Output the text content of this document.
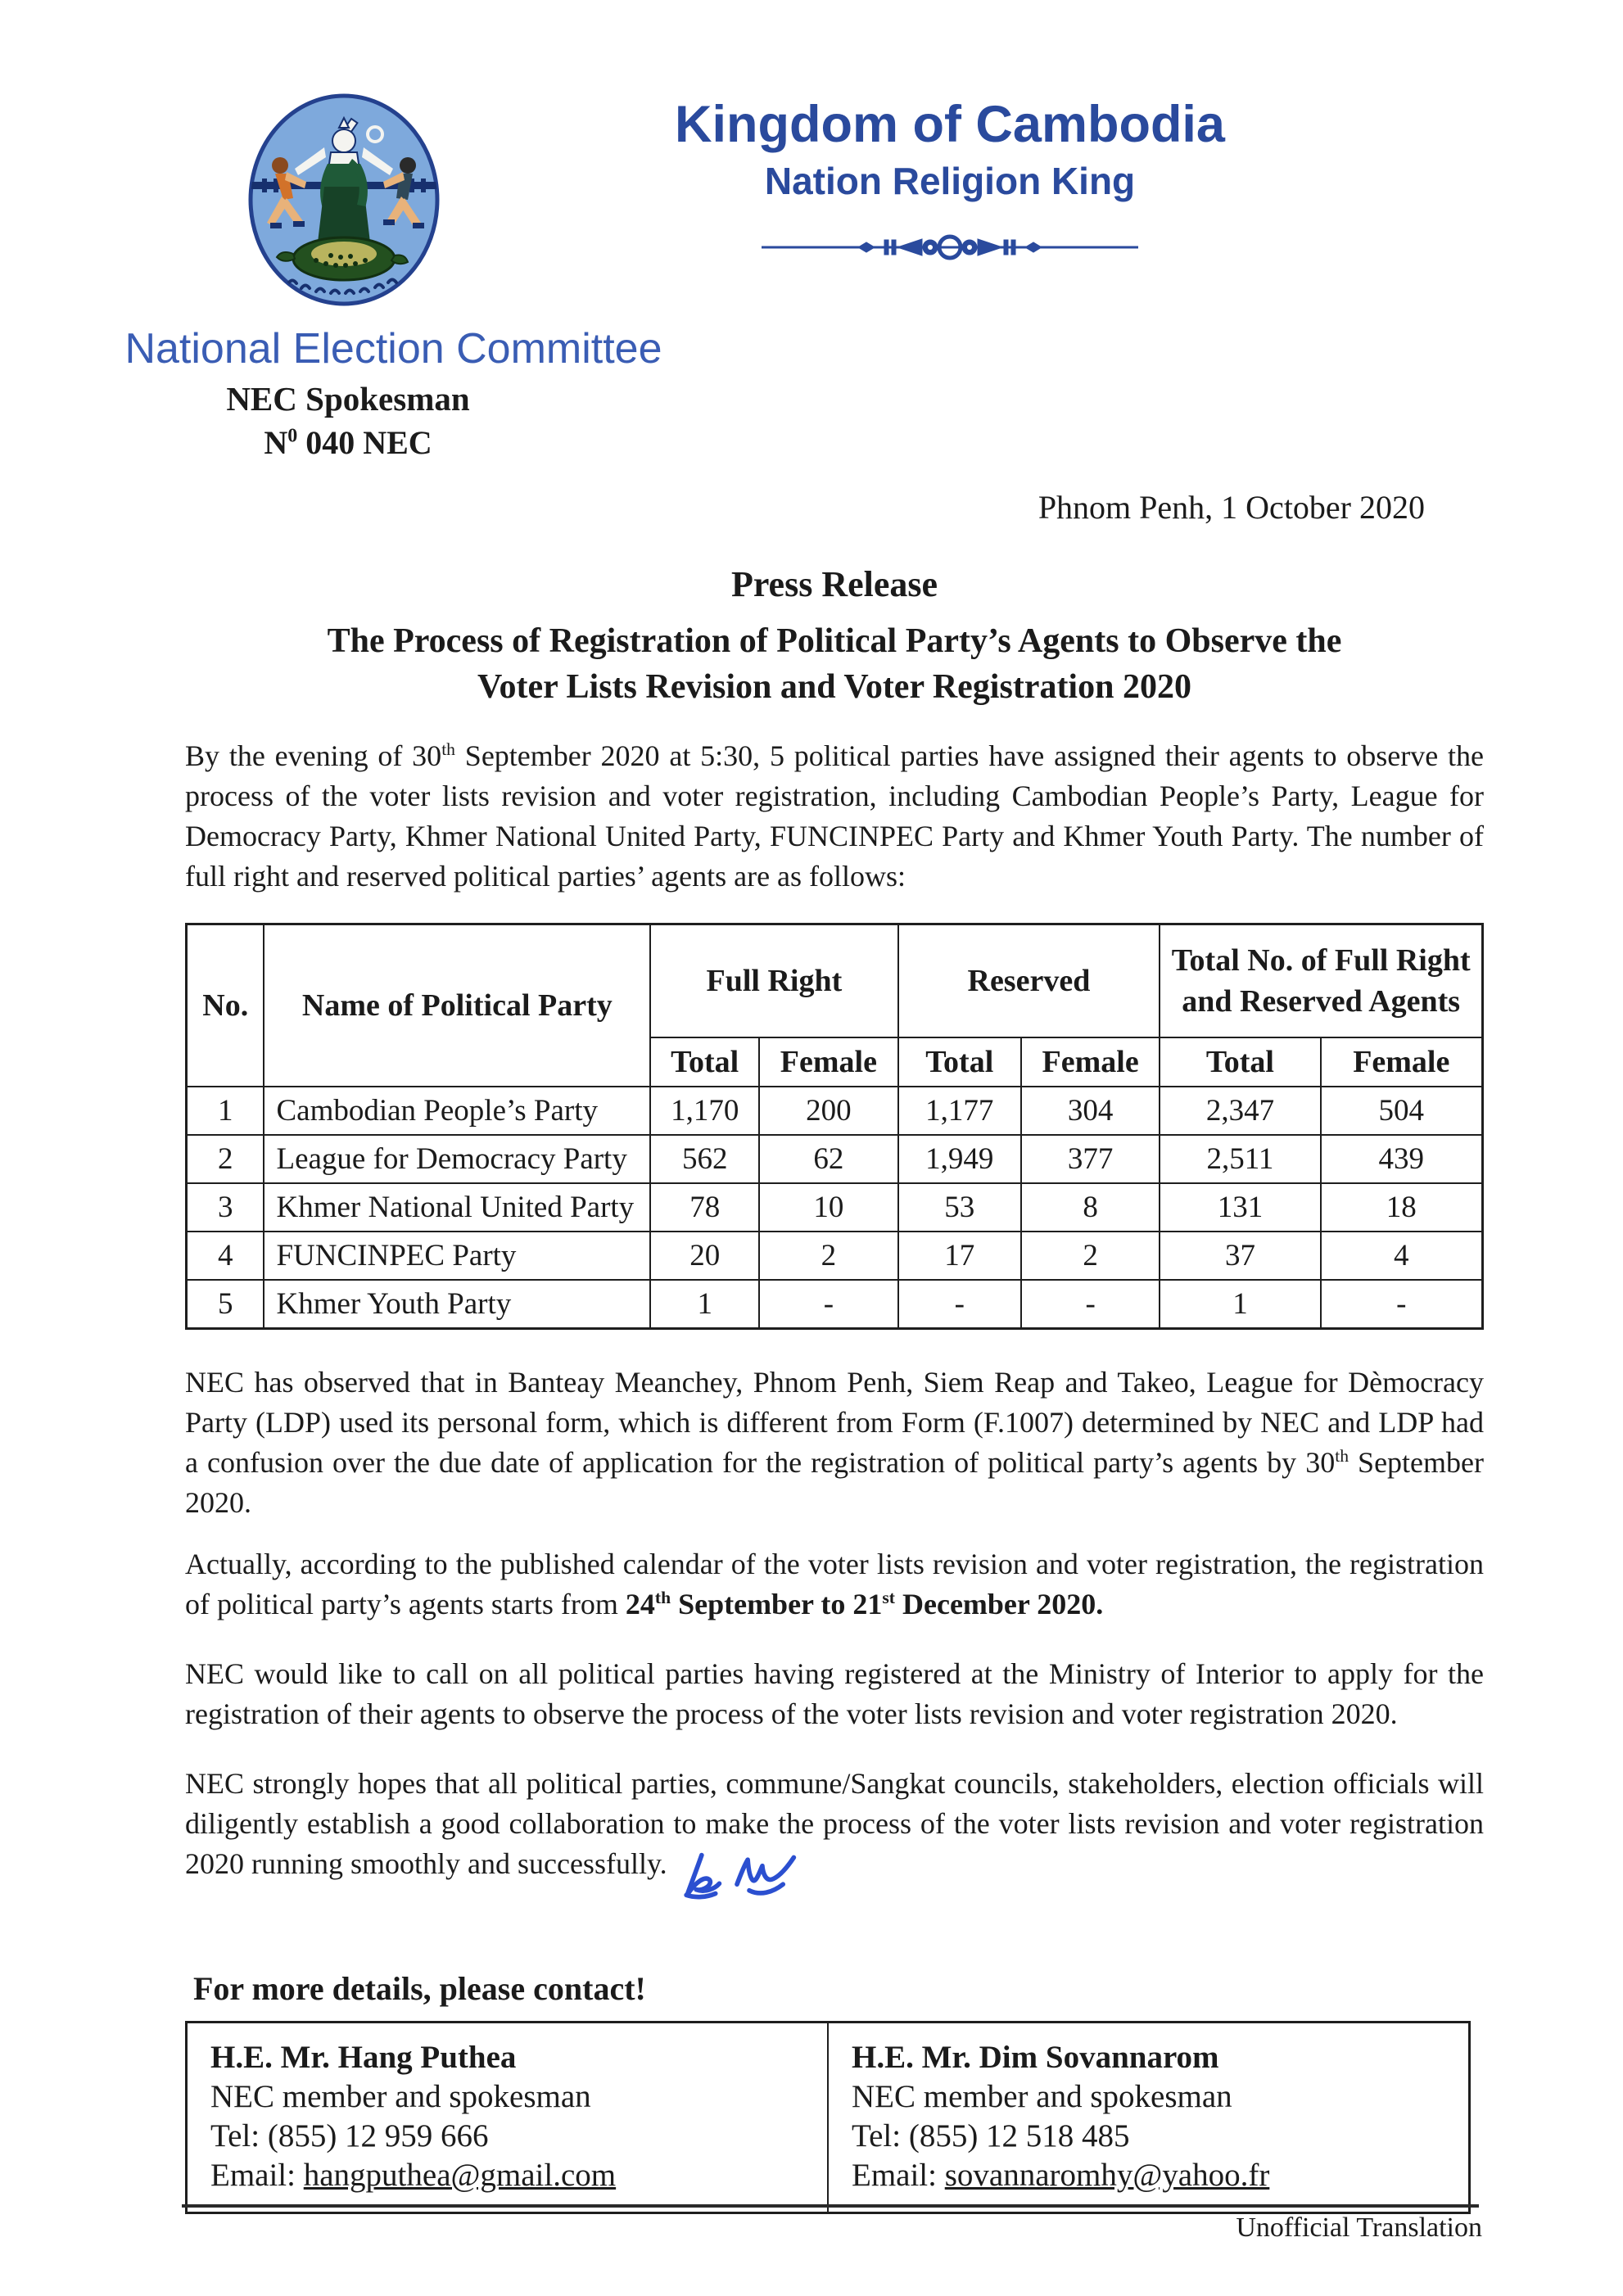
Kingdom of Cambodia
Nation Religion King
National Election Committee
NEC Spokesman
$N^0$ 040 NEC
Phnom Penh, 1 October 2020
Press Release
The Process of Registration of Political Party’s Agents to Observe the
Voter Lists Revision and Voter Registration 2020

By the evening of 30th September 2020 at 5:30, 5 political parties have assigned their agents to observe the process of the voter lists revision and voter registration, including Cambodian People’s Party, League for Democracy Party, Khmer National United Party, FUNCINPEC Party and Khmer Youth Party. The number of full right and reserved political parties’ agents are as follows:

No.	Name of Political Party	Full Right		Reserved		Total No. of Full Right and Reserved Agents	
		Total	Female	Total	Female	Total	Female
1	Cambodian People’s Party	1,170	200	1,177	304	2,347	504
2	League for Democracy Party	562	62	1,949	377	2,511	439
3	Khmer National United Party	78	10	53	8	131	18
4	FUNCINPEC Party	20	2	17	2	37	4
5	Khmer Youth Party	1	-	-	-	1	-

NEC has observed that in Banteay Meanchey, Phnom Penh, Siem Reap and Takeo, League for Dèmocracy Party (LDP) used its personal form, which is different from Form (F.1007) determined by NEC and LDP had a confusion over the due date of application for the registration of political party’s agents by 30th September 2020.

Actually, according to the published calendar of the voter lists revision and voter registration, the registration of political party’s agents starts from 24th September to 21st December 2020.

NEC would like to call on all political parties having registered at the Ministry of Interior to apply for the registration of their agents to observe the process of the voter lists revision and voter registration 2020.

NEC strongly hopes that all political parties, commune/Sangkat councils, stakeholders, election officials will diligently establish a good collaboration to make the process of the voter lists revision and voter registration 2020 running smoothly and successfully.

For more details, please contact!
H.E. Mr. Hang Puthea
NEC member and spokesman
Tel: (855) 12 959 666
Email: hangputhea@gmail.com

H.E. Mr. Dim Sovannarom
NEC member and spokesman
Tel: (855) 12 518 485
Email: sovannaromhy@yahoo.fr
Unofficial Translation
